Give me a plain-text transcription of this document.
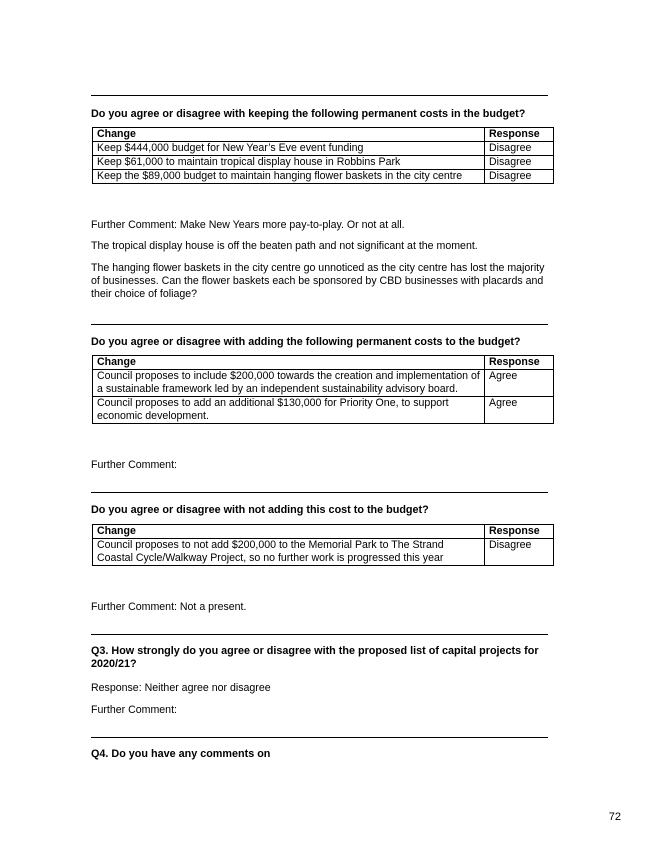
Do you agree or disagree with keeping the following permanent costs in the budget?
Change	Response
Keep $444,000 budget for New Year’s Eve event funding	Disagree
Keep $61,000 to maintain tropical display house in Robbins Park	Disagree
Keep the $89,000 budget to maintain hanging flower baskets in the city centre	Disagree
Further Comment: Make New Years more pay-to-play. Or not at all.
The tropical display house is off the beaten path and not significant at the moment.
The hanging flower baskets in the city centre go unnoticed as the city centre has lost the majority of businesses. Can the flower baskets each be sponsored by CBD businesses with placards and their choice of foliage?
Do you agree or disagree with adding the following permanent costs to the budget?
Change	Response
Council proposes to include $200,000 towards the creation and implementation of a sustainable framework led by an independent sustainability advisory board.	Agree
Council proposes to add an additional $130,000 for Priority One, to support economic development.	Agree
Further Comment:
Do you agree or disagree with not adding this cost to the budget?
Change	Response
Council proposes to not add $200,000 to the Memorial Park to The Strand Coastal Cycle/Walkway Project, so no further work is progressed this year	Disagree
Further Comment: Not a present.
Q3. How strongly do you agree or disagree with the proposed list of capital projects for 2020/21?
Response: Neither agree nor disagree
Further Comment:
Q4. Do you have any comments on
72
